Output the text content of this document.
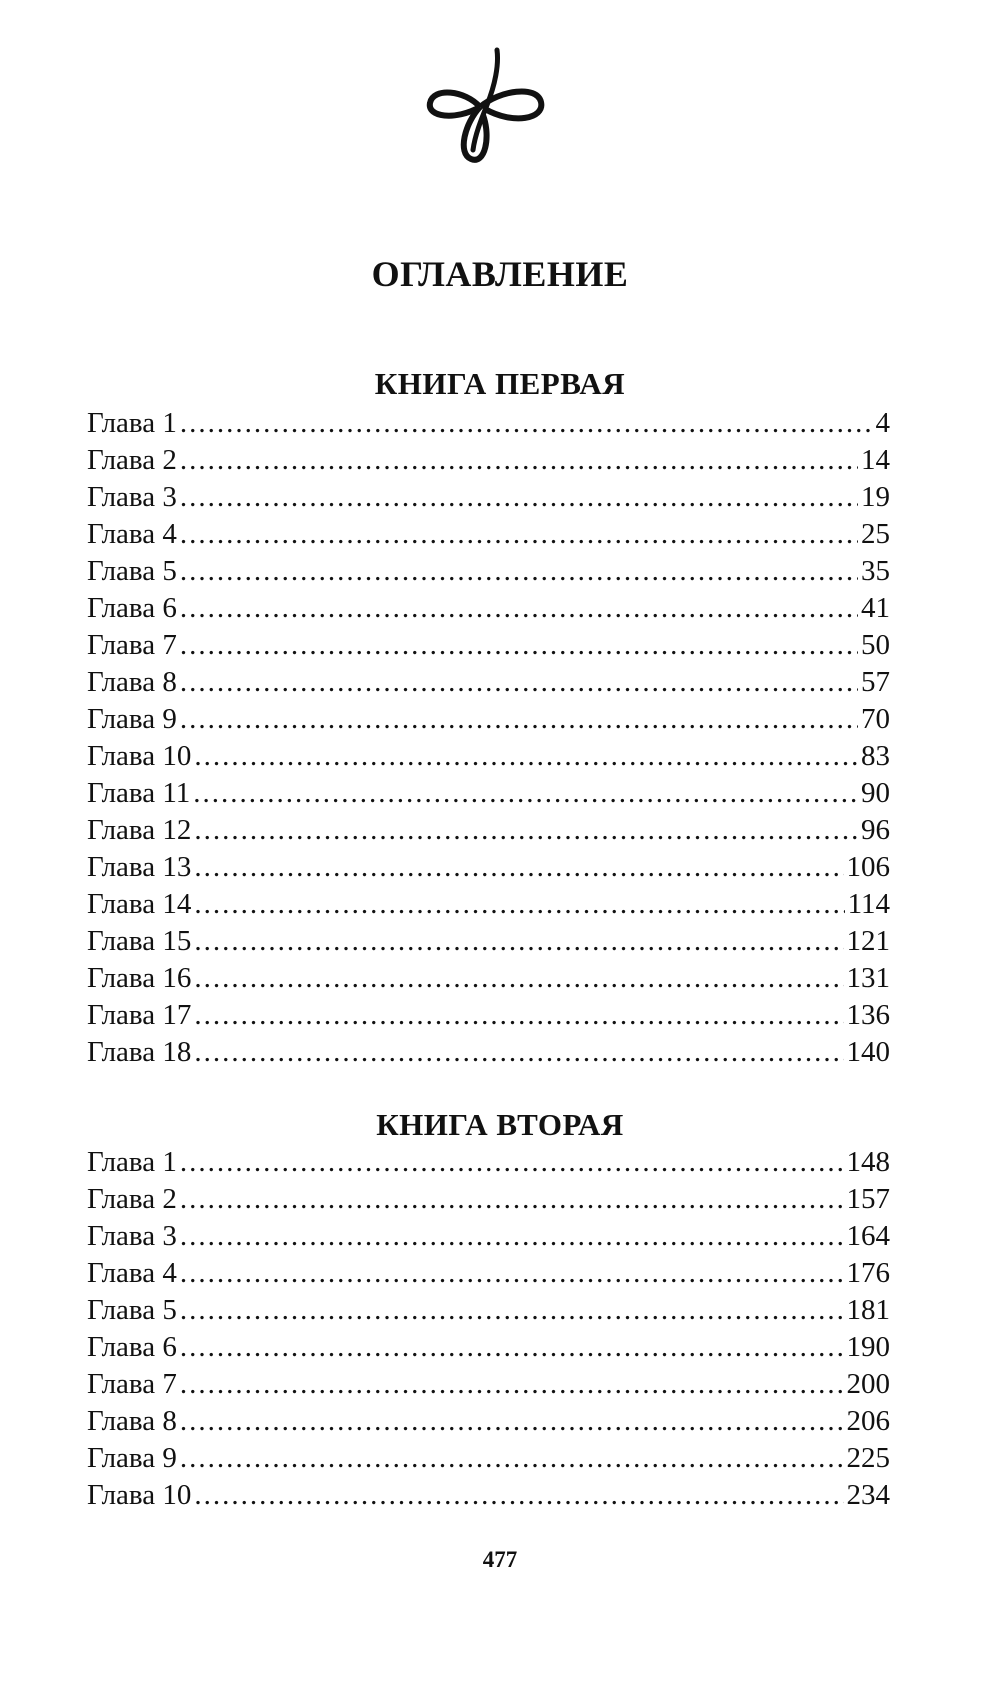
ОГЛАВЛЕНИЕ
КНИГА ПЕРВАЯ
Глава 1 .....	4
Глава 2 .....	14
Глава 3 .....	19
Глава 4 .....	25
Глава 5 .....	35
Глава 6 .....	41
Глава 7 .....	50
Глава 8 .....	57
Глава 9 .....	70
Глава 10 .....	83
Глава 11 .....	90
Глава 12 .....	96
Глава 13 .....	106
Глава 14 .....	114
Глава 15 .....	121
Глава 16 .....	131
Глава 17 .....	136
Глава 18 .....	140
КНИГА ВТОРАЯ
Глава 1 .....	148
Глава 2 .....	157
Глава 3 .....	164
Глава 4 .....	176
Глава 5 .....	181
Глава 6 .....	190
Глава 7 .....	200
Глава 8 .....	206
Глава 9 .....	225
Глава 10 .....	234
477
